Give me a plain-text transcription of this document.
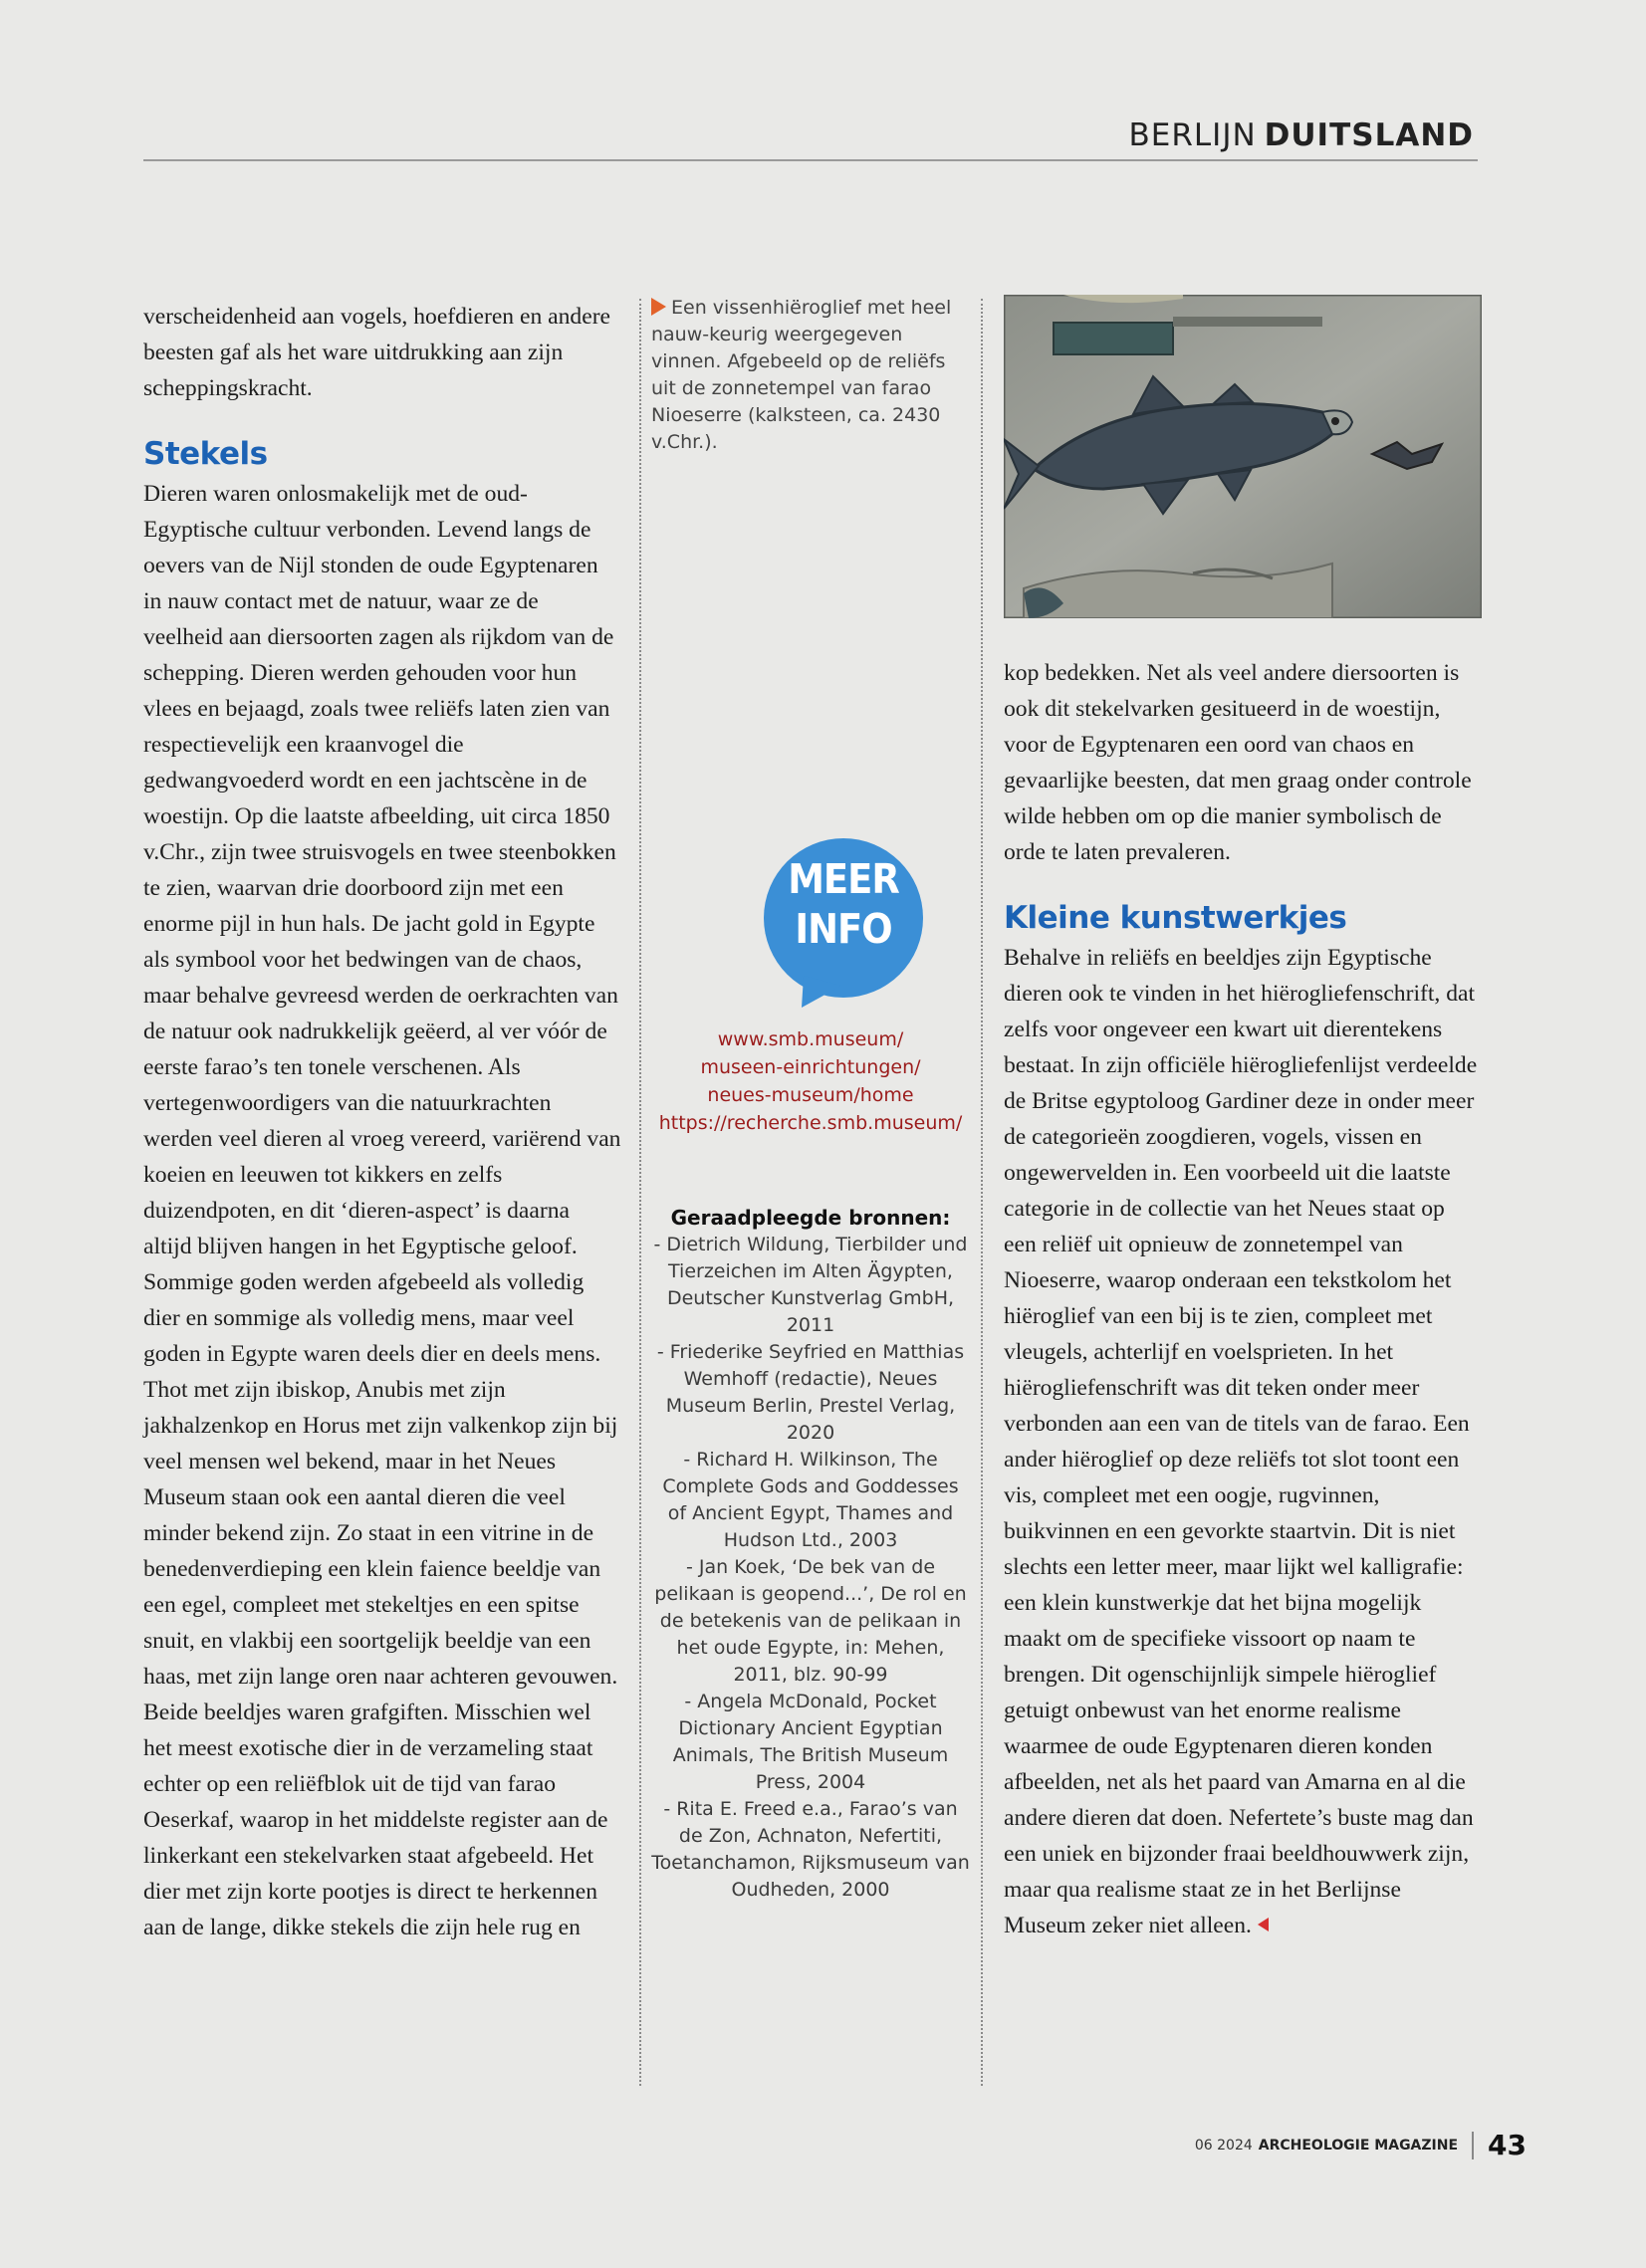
BERLIJN DUITSLAND

verscheidenheid aan vogels, hoefdieren en andere beesten gaf als het ware uitdrukking aan zijn scheppingskracht.

Stekels

Dieren waren onlosmakelijk met de oud-Egyptische cultuur verbonden. Levend langs de oevers van de Nijl stonden de oude Egyptenaren in nauw contact met de natuur, waar ze de veelheid aan diersoorten zagen als rijkdom van de schepping. Dieren werden gehouden voor hun vlees en bejaagd, zoals twee reliëfs laten zien van respectievelijk een kraanvogel die gedwangvoederd wordt en een jachtscène in de woestijn. Op die laatste afbeelding, uit circa 1850 v.Chr., zijn twee struisvogels en twee steenbokken te zien, waarvan drie doorboord zijn met een enorme pijl in hun hals. De jacht gold in Egypte als symbool voor het bedwingen van de chaos, maar behalve gevreesd werden de oerkrachten van de natuur ook nadrukkelijk geëerd, al ver vóór de eerste farao’s ten tonele verschenen. Als vertegenwoordigers van die natuurkrachten werden veel dieren al vroeg vereerd, variërend van koeien en leeuwen tot kikkers en zelfs duizendpoten, en dit ‘dieren-aspect’ is daarna altijd blijven hangen in het Egyptische geloof.

Sommige goden werden afgebeeld als volledig dier en sommige als volledig mens, maar veel goden in Egypte waren deels dier en deels mens. Thot met zijn ibiskop, Anubis met zijn jakhalzenkop en Horus met zijn valkenkop zijn bij veel mensen wel bekend, maar in het Neues Museum staan ook een aantal dieren die veel minder bekend zijn. Zo staat in een vitrine in de benedenverdieping een klein faience beeldje van een egel, compleet met stekeltjes en een spitse snuit, en vlakbij een soortgelijk beeldje van een haas, met zijn lange oren naar achteren gevouwen. Beide beeldjes waren grafgiften. Misschien wel het meest exotische dier in de verzameling staat echter op een reliëfblok uit de tijd van farao Oeserkaf, waarop in het middelste register aan de linkerkant een stekelvarken staat afgebeeld. Het dier met zijn korte pootjes is direct te herkennen aan de lange, dikke stekels die zijn hele rug en

Een vissenhiëroglief met heel nauw-keurig weergegeven vinnen. Afgebeeld op de reliëfs uit de zonnetempel van farao Nioeserre (kalksteen, ca. 2430 v.Chr.).
MEER
INFO
www.smb.museum/
museen-einrichtungen/
neues-museum/home
https://recherche.smb.museum/
Geraadpleegde bronnen:
- Dietrich Wildung, Tierbilder und Tierzeichen im Alten Ägypten, Deutscher Kunstverlag GmbH, 2011
- Friederike Seyfried en Matthias Wemhoff (redactie), Neues Museum Berlin, Prestel Verlag, 2020
- Richard H. Wilkinson, The Complete Gods and Goddesses of Ancient Egypt, Thames and Hudson Ltd., 2003
- Jan Koek, ‘De bek van de pelikaan is geopend...’, De rol en de betekenis van de pelikaan in het oude Egypte, in: Mehen, 2011, blz. 90-99
- Angela McDonald, Pocket Dictionary Ancient Egyptian Animals, The British Museum Press, 2004
- Rita E. Freed e.a., Farao’s van de Zon, Achnaton, Nefertiti, Toetanchamon, Rijksmuseum van Oudheden, 2000

kop bedekken. Net als veel andere diersoorten is ook dit stekelvarken gesitueerd in de woestijn, voor de Egyptenaren een oord van chaos en gevaarlijke beesten, dat men graag onder controle wilde hebben om op die manier symbolisch de orde te laten prevaleren.

Kleine kunstwerkjes

Behalve in reliëfs en beeldjes zijn Egyptische dieren ook te vinden in het hiërogliefenschrift, dat zelfs voor ongeveer een kwart uit dierentekens bestaat. In zijn officiële hiërogliefenlijst verdeelde de Britse egyptoloog Gardiner deze in onder meer de categorieën zoogdieren, vogels, vissen en ongewervelden in. Een voorbeeld uit die laatste categorie in de collectie van het Neues staat op een reliëf uit opnieuw de zonnetempel van Nioeserre, waarop onderaan een tekstkolom het hiëroglief van een bij is te zien, compleet met vleugels, achterlijf en voelsprieten. In het hiërogliefenschrift was dit teken onder meer verbonden aan een van de titels van de farao. Een ander hiëroglief op deze reliëfs tot slot toont een vis, compleet met een oogje, rugvinnen, buikvinnen en een gevorkte staartvin. Dit is niet slechts een letter meer, maar lijkt wel kalligrafie: een klein kunstwerkje dat het bijna mogelijk maakt om de specifieke vissoort op naam te brengen. Dit ogenschijnlijk simpele hiëroglief getuigt onbewust van het enorme realisme waarmee de oude Egyptenaren dieren konden afbeelden, net als het paard van Amarna en al die andere dieren dat doen. Nefertete’s buste mag dan een uniek en bijzonder fraai beeldhouwwerk zijn, maar qua realisme staat ze in het Berlijnse Museum zeker niet alleen.

06 2024 ARCHEOLOGIE MAGAZINE 43
